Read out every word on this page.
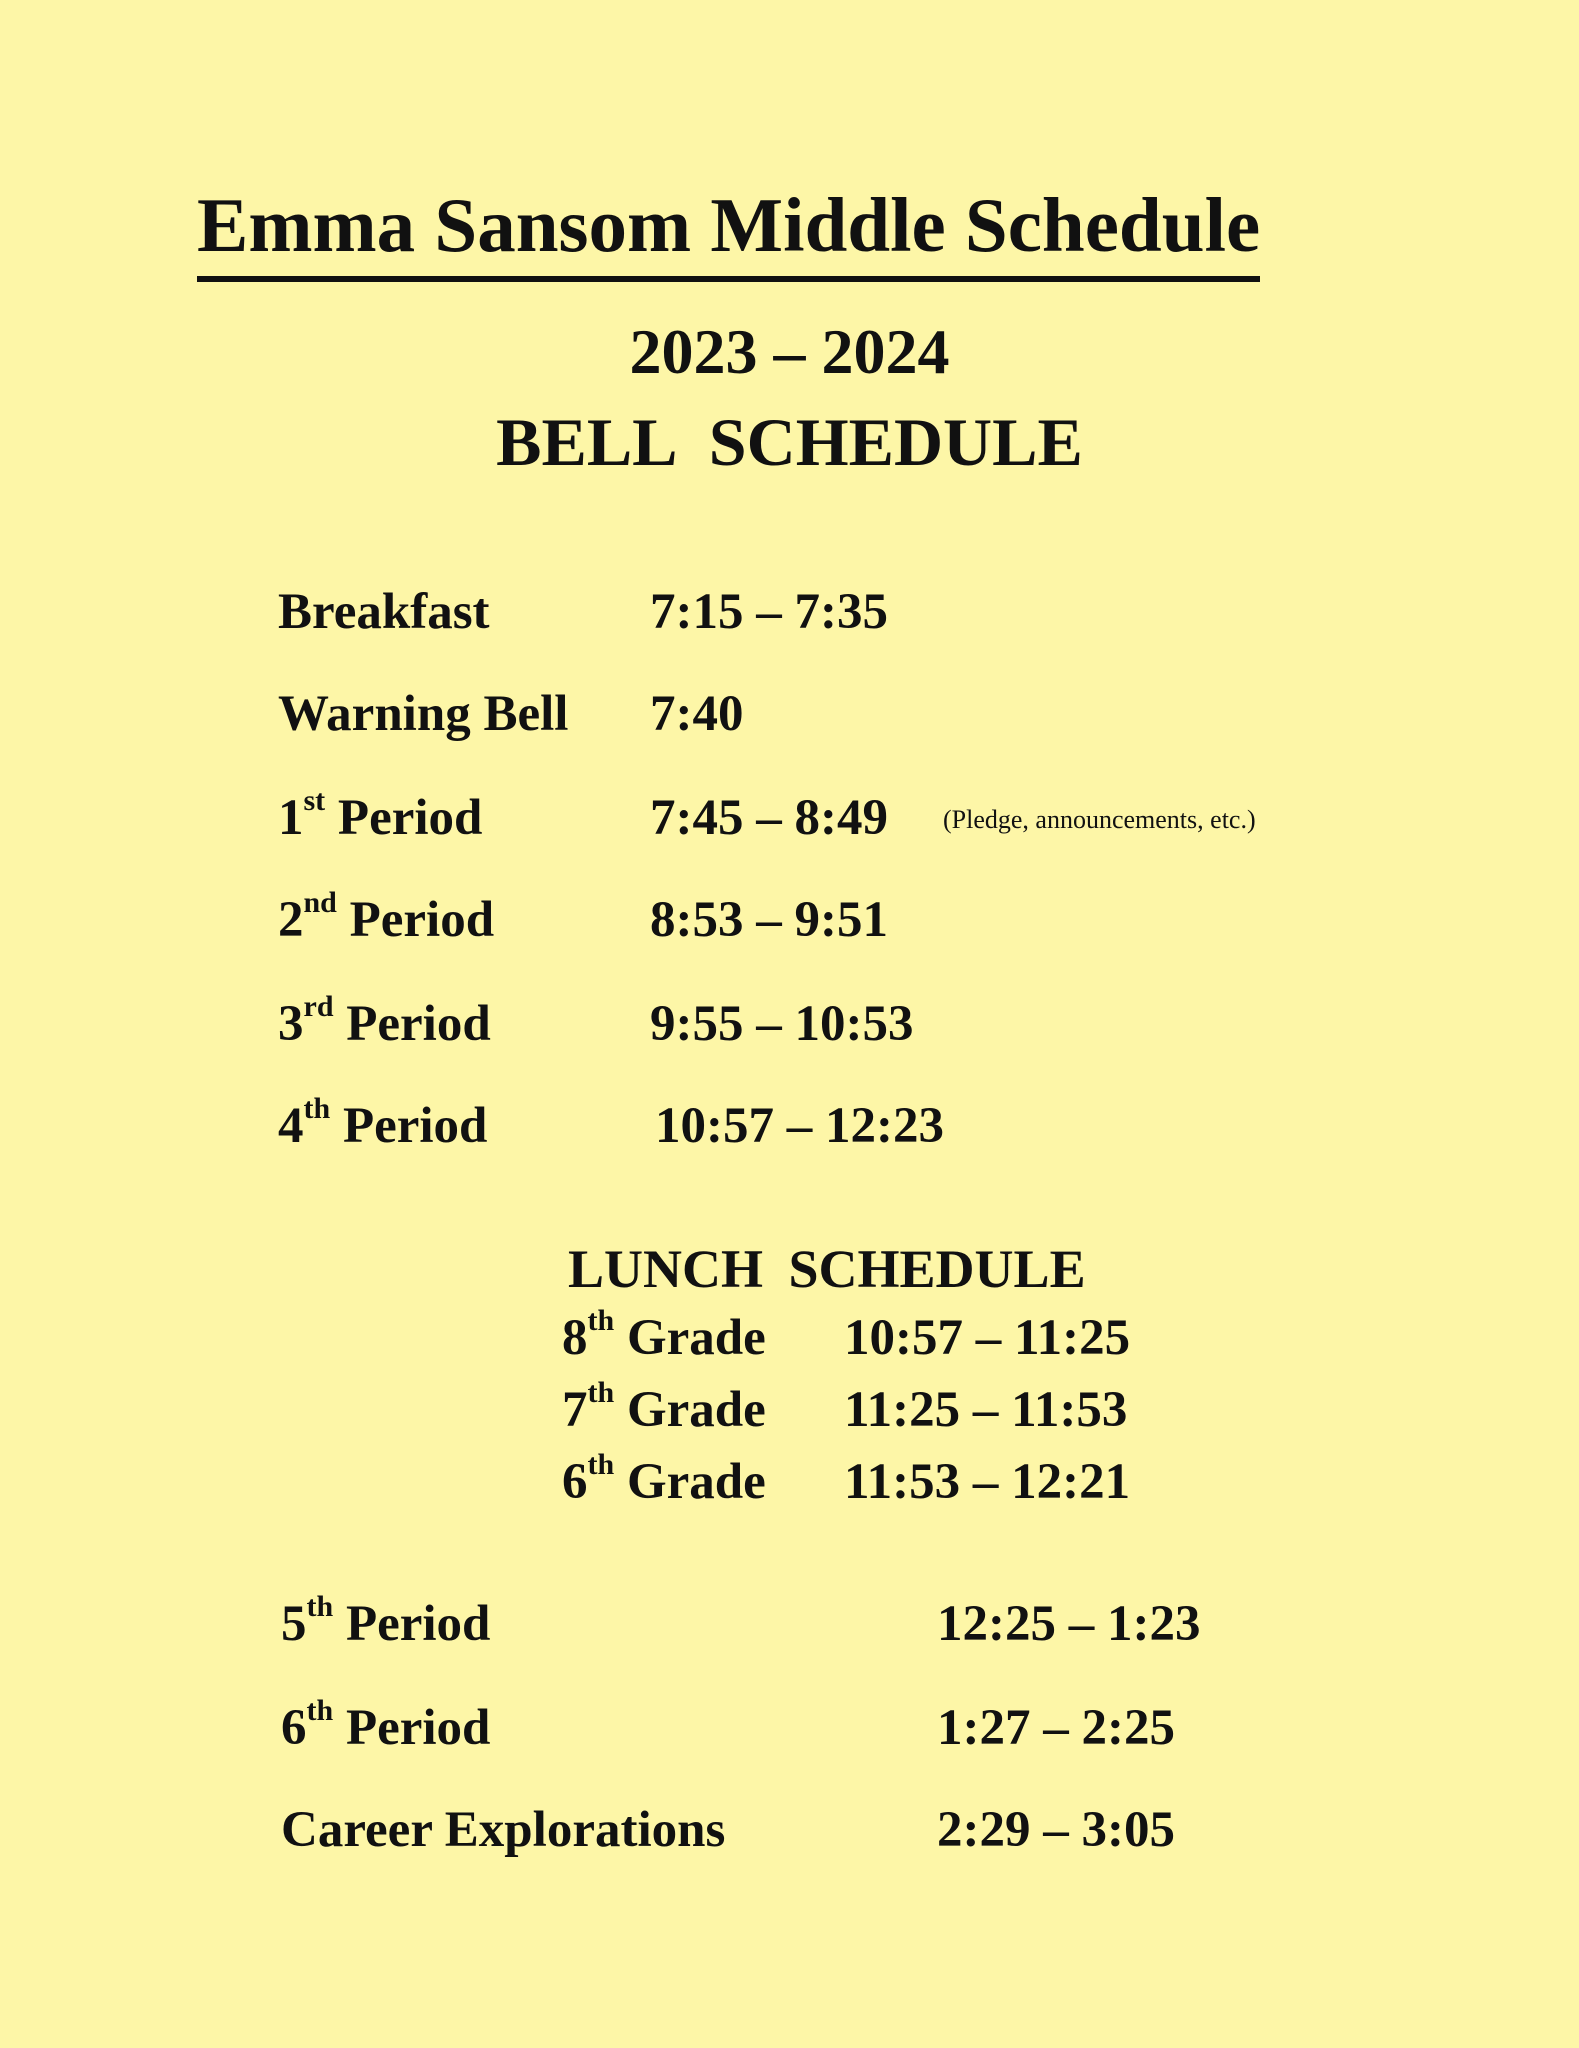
Emma Sansom Middle Schedule
2023 – 2024
BELL SCHEDULE
Breakfast	7:15 – 7:35
Warning Bell 7:40
1st Period	7:45 – 8:49 (Pledge, announcements, etc.)
2nd Period	8:53 – 9:51
3rd Period	9:55 – 10:53
4th Period	10:57 – 12:23
LUNCH SCHEDULE
8th Grade 10:57 – 11:25
7th Grade 11:25 – 11:53
6th Grade 11:53 – 12:21
5th Period	12:25 – 1:23
6th Period	1:27 – 2:25
Career Explorations	2:29 – 3:05
